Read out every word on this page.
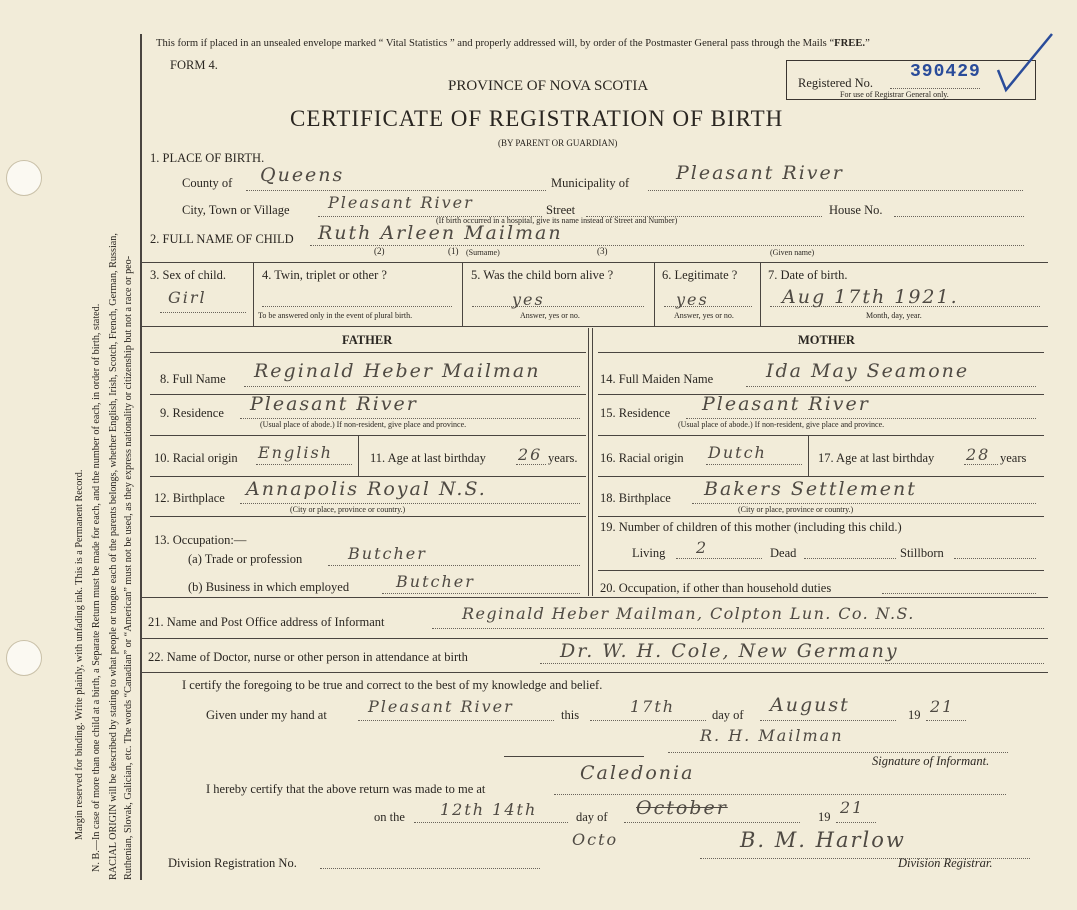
Margin reserved for binding. Write plainly, with unfading ink. This is a Permanent Record. N. B.—In case of more than one child at a birth, a Separate Return must be made for each, and the number of each, in order of birth, stated. RACIAL ORIGIN will be described by stating to what people or tongue each of the parents belongs, whether English, Irish, Scotch, French, German, Russian, Ruthenian, Slovak, Galician, etc. The words “Canadian” or “American” must not be used, as they express nationality or citizenship but not a race or peo-
This form if placed in an unsealed envelope marked “ Vital Statistics ” and properly addressed will, by order of the Postmaster General pass through the Mails “FREE.”
FORM 4.
PROVINCE OF NOVA SCOTIA
CERTIFICATE OF REGISTRATION OF BIRTH
(BY PARENT OR GUARDIAN)
Registered No.
390429
For use of Registrar General only.
1. PLACE OF BIRTH.
County of Queens	Municipality of Pleasant River
City, Town or Village Pleasant River	Street	House No.
(If birth occurred in a hospital, give its name instead of Street and Number)
2. FULL NAME OF CHILD Ruth Arleen Mailman
(2)	(1)	(3)
(Surname)	(Given name)
3. Sex of child.
Girl
4. Twin, triplet or other ?
To be answered only in the event of plural birth.
5. Was the child born alive ?
yes
Answer, yes or no.
6. Legitimate ?
yes
Answer, yes or no.
7. Date of birth.
Aug 17th 1921.
Month, day, year.
FATHER	MOTHER
8. Full Name Reginald Heber Mailman	14. Full Maiden Name	Ida May Seamone
9. Residence Pleasant River
(Usual place of abode.) If non-resident, give place and province.
15. Residence Pleasant River
(Usual place of abode.) If non-resident, give place and province.
10. Racial origin English	11. Age at last birthday 26 years. 16. Racial origin Dutch	17. Age at last birthday 28 years
12. Birthplace Annapolis Royal N.S.
(City or place, province or country.)
18. Birthplace Bakers Settlement
(City or place, province or country.)
13. Occupation:—
(a) Trade or profession	Butcher
(b) Business in which employed	Butcher
19. Number of children of this mother (including this child.)
Living 2	Dead	Stillborn
20. Occupation, if other than household duties
21. Name and Post Office address of Informant	Reginald Heber Mailman, Colpton Lun. Co. N.S.
22. Name of Doctor, nurse or other person in attendance at birth	Dr. W. H. Cole, New Germany
I certify the foregoing to be true and correct to the best of my knowledge and belief.
Given under my hand at	Pleasant River	this	17th	day of August	19 21
R. H. Mailman
Signature of Informant.
I hereby certify that the above return was made to me at
Caledonia
on the 12th 14th	day of October	19 21
Octo	B. M. Harlow
Division Registrar.
Division Registration No.
